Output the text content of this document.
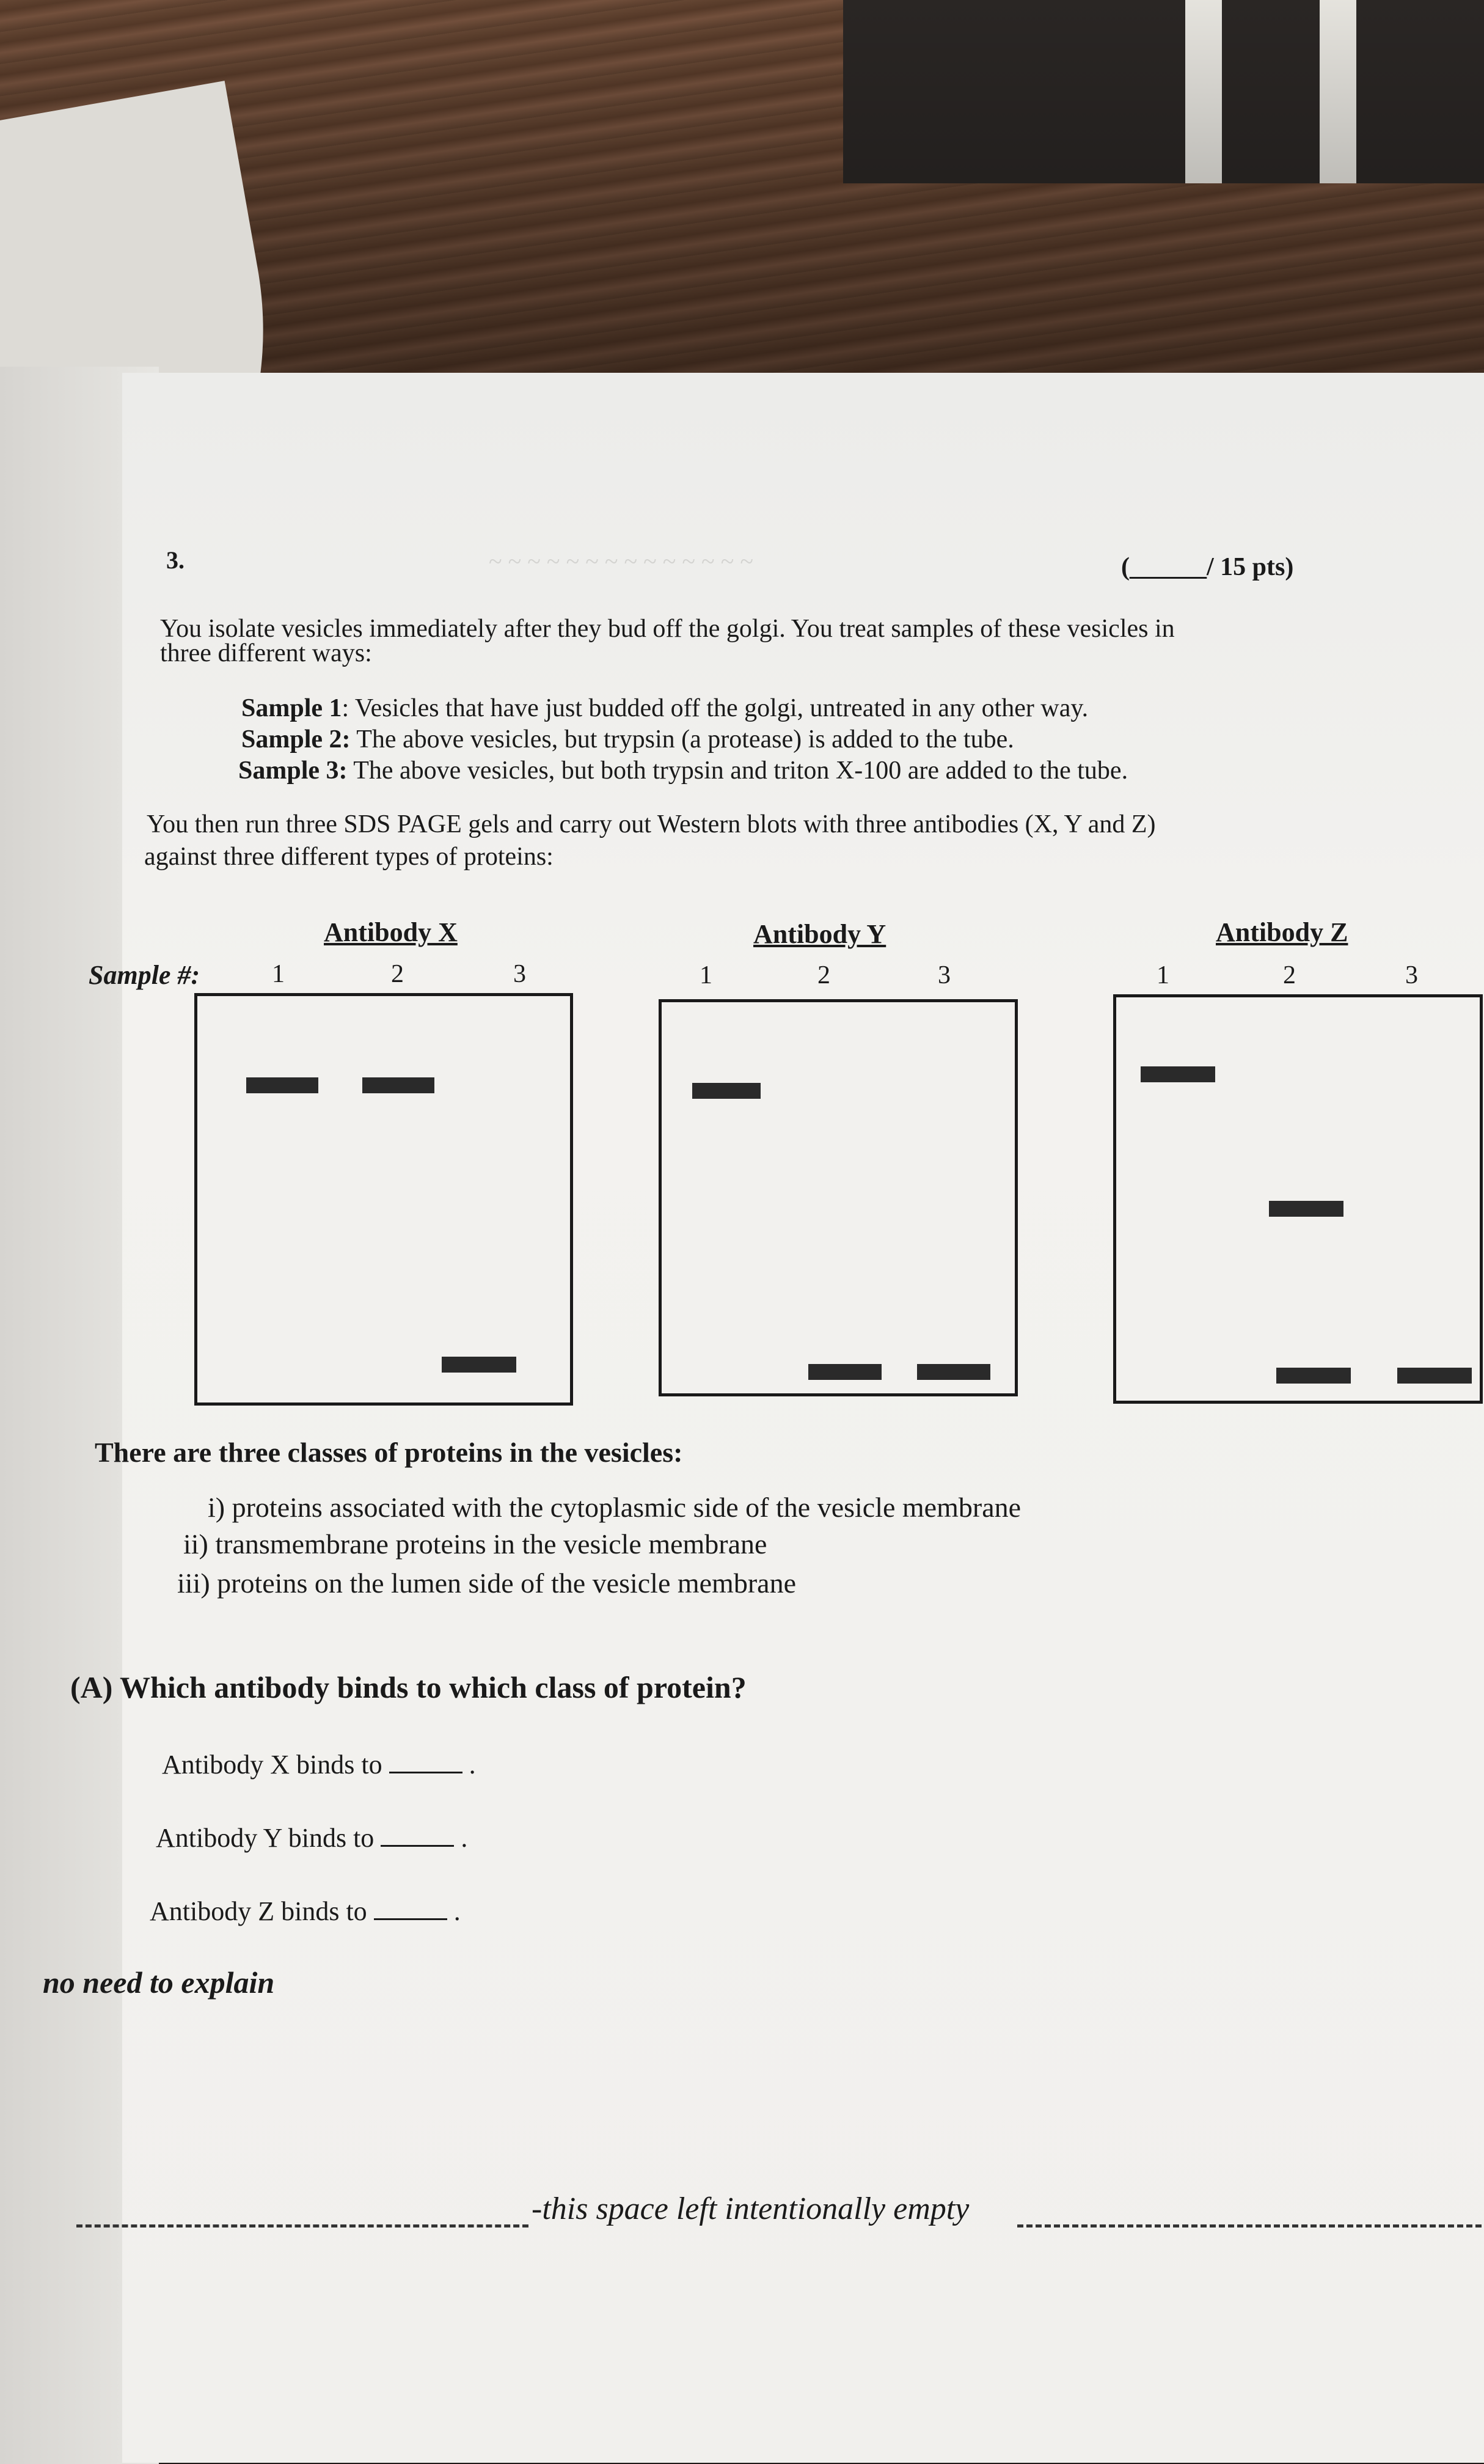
~ ~ ~ ~ ~ ~ ~ ~ ~ ~ ~ ~ ~ ~
3.	(______/ 15 pts)
You isolate vesicles immediately after they bud off the golgi. You treat samples of these vesicles in
three different ways:
Sample 1: Vesicles that have just budded off the golgi, untreated in any other way.
Sample 2: The above vesicles, but trypsin (a protease) is added to the tube.
Sample 3: The above vesicles, but both trypsin and triton X-100 are added to the tube.
You then run three SDS PAGE gels and carry out Western blots with three antibodies (X, Y and Z)
against three different types of proteins:
Antibody X	Antibody Y	Antibody Z
Sample #:	1	2	3	1	2	3	1	2	3
There are three classes of proteins in the vesicles:
i) proteins associated with the cytoplasmic side of the vesicle membrane
ii) transmembrane proteins in the vesicle membrane
iii) proteins on the lumen side of the vesicle membrane
(A) Which antibody binds to which class of protein?
Antibody X binds to	.
Antibody Y binds to	.
Antibody Z binds to	.
no need to explain
-this space left intentionally empty
